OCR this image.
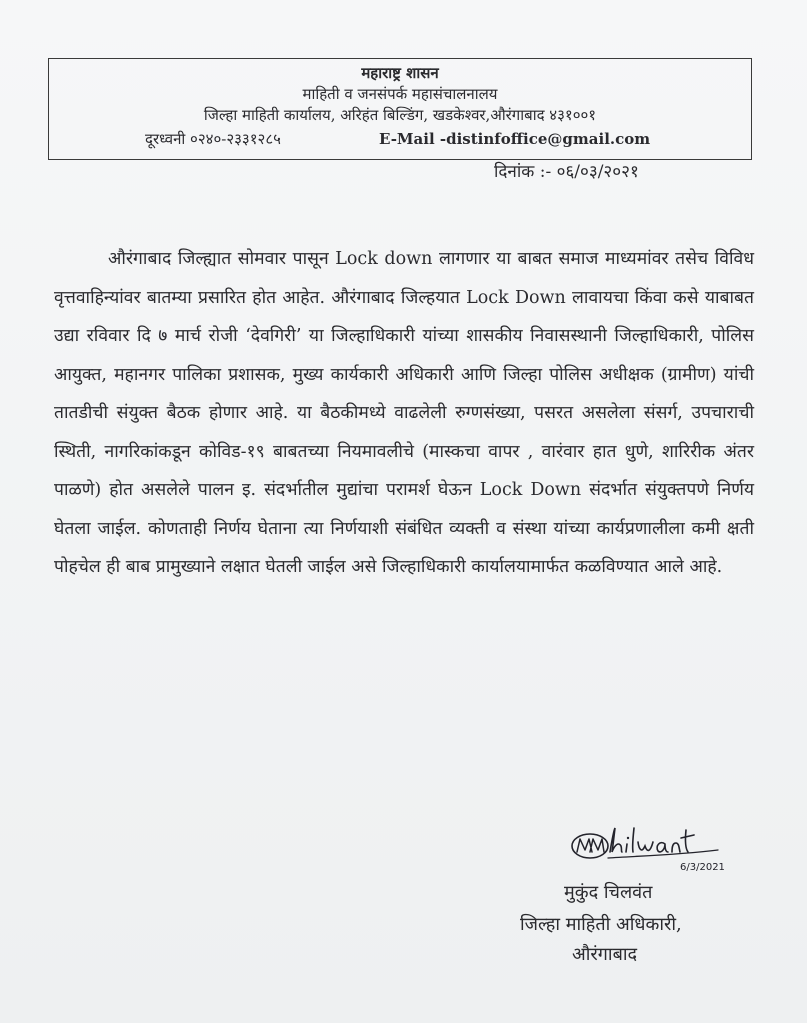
महाराष्ट्र शासन
माहिती व जनसंपर्क महासंचालनालय
जिल्हा माहिती कार्यालय, अरिहंत बिल्डिंग, खडकेश्वर,औरंगाबाद ४३१००१
दूरध्वनी ०२४०-२३३१२८५	E-Mail -distinfoffice@gmail.com
दिनांक :- ०६/०३/२०२१

औरंगाबाद जिल्ह्यात सोमवार पासून Lock down लागणार या बाबत समाज माध्यमांवर तसेच विविध वृत्तवाहिन्यांवर बातम्या प्रसारित होत आहेत. औरंगाबाद जिल्हयात Lock Down लावायचा किंवा कसे याबाबत उद्या रविवार दि ७ मार्च रोजी ‘देवगिरी’ या जिल्हाधिकारी यांच्या शासकीय निवासस्थानी जिल्हाधिकारी, पोलिस आयुक्त, महानगर पालिका प्रशासक, मुख्य कार्यकारी अधिकारी आणि जिल्हा पोलिस अधीक्षक (ग्रामीण) यांची तातडीची संयुक्त बैठक होणार आहे. या बैठकीमध्ये वाढलेली रुग्णसंख्या, पसरत असलेला संसर्ग, उपचाराची स्थिती, नागरिकांकडून कोविड-१९ बाबतच्या नियमावलीचे (मास्कचा वापर , वारंवार हात धुणे, शारिरीक अंतर पाळणे) होत असलेले पालन इ. संदर्भातील मुद्यांचा परामर्श घेऊन Lock Down संदर्भात संयुक्तपणे निर्णय घेतला जाईल. कोणताही निर्णय घेताना त्या निर्णयाशी संबंधित व्यक्ती व संस्था यांच्या कार्यप्रणालीला कमी क्षती पोहचेल ही बाब प्रामुख्याने लक्षात घेतली जाईल असे जिल्हाधिकारी कार्यालयामार्फत कळविण्यात आले आहे.

6/3/2021
मुकुंद चिलवंत
जिल्हा माहिती अधिकारी,
औरंगाबाद
